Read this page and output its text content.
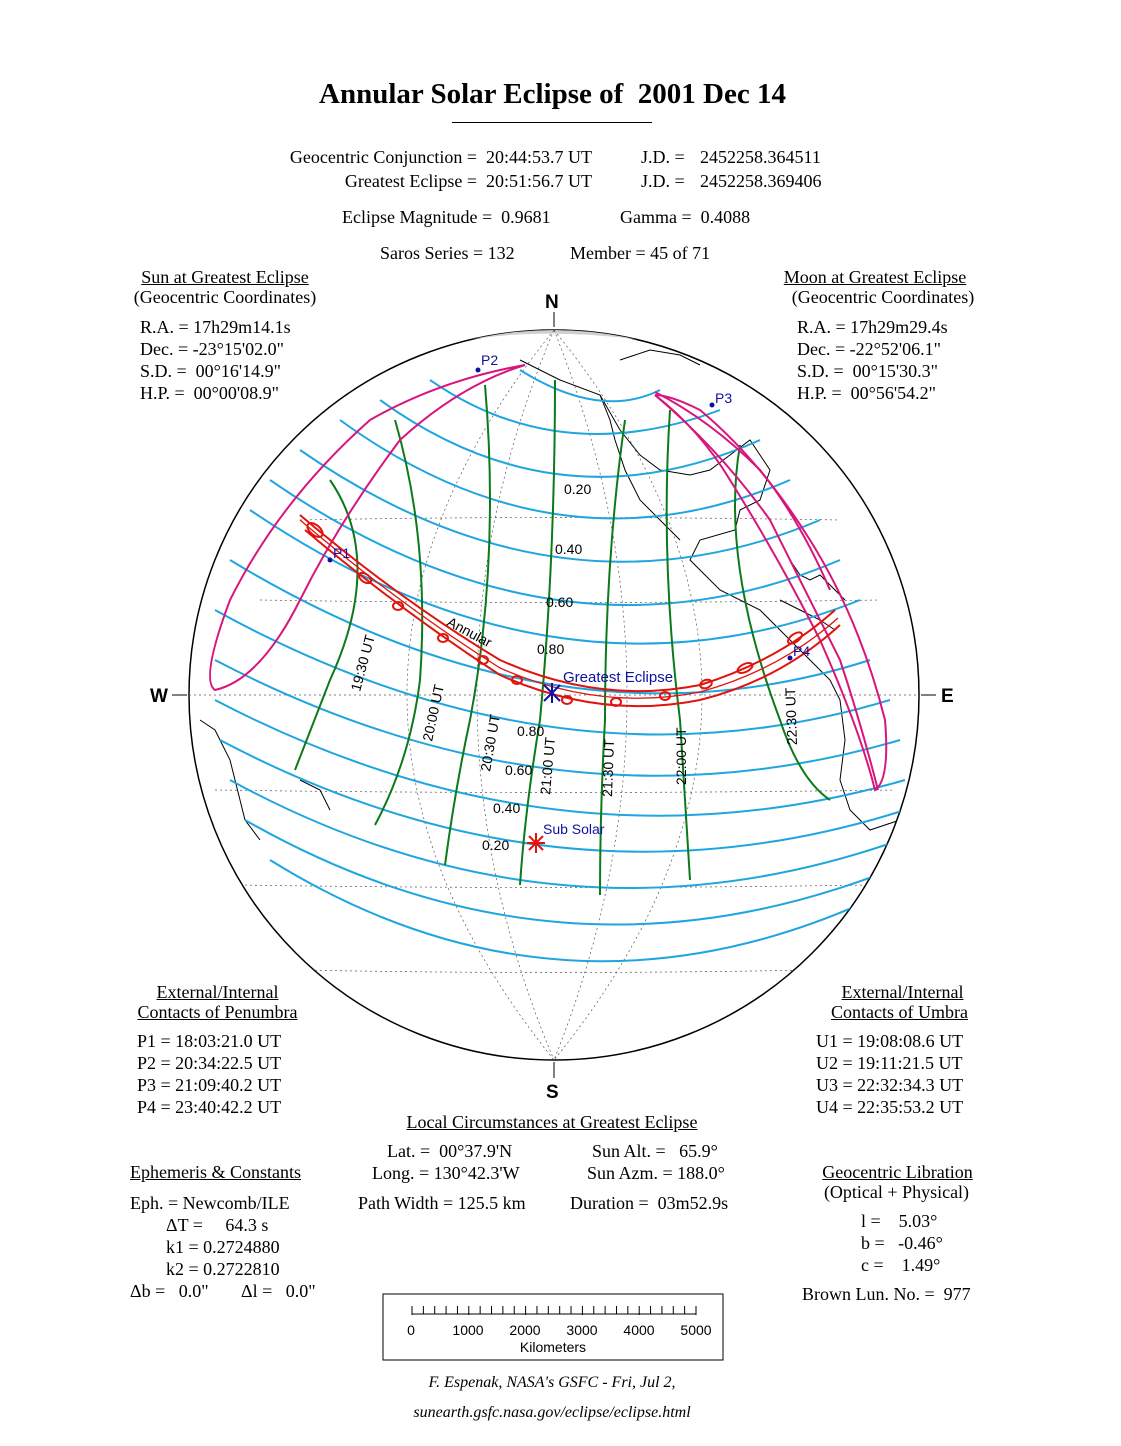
Annular Solar Eclipse of  2001 Dec 14
Geocentric Conjunction = 20:44:53.7 UT	J.D. = 2452258.364511
Greatest Eclipse = 20:51:56.7 UT	J.D. = 2452258.369406
Eclipse Magnitude =  0.9681	Gamma =  0.4088
Saros Series = 132	Member = 45 of 71
Sun at Greatest Eclipse
(Geocentric Coordinates)
R.A. = 17h29m14.1s
Dec. = -23°15'02.0"
S.D. =  00°16'14.9"
H.P. =  00°00'08.9"
Moon at Greatest Eclipse
(Geocentric Coordinates)
R.A. = 17h29m29.4s
Dec. = -22°52'06.1"
S.D. =  00°15'30.3"
H.P. =  00°56'54.2"
P1
P2
P3
P4
Greatest Eclipse
Sub Solar
Annular
0.20
0.40
0.60
0.80
0.80
0.60
0.40
0.20
19:30 UT
20:00 UT
20:30 UT 21:00 UT	21:30 UT	22:00 UT
22:30 UT
N
S
W	E
0	1000 2000 3000 4000 5000
Kilometers
External/Internal
Contacts of Penumbra
P1 = 18:03:21.0 UT
P2 = 20:34:22.5 UT
P3 = 21:09:40.2 UT
P4 = 23:40:42.2 UT
External/Internal
Contacts of Umbra
U1 = 19:08:08.6 UT
U2 = 19:11:21.5 UT
U3 = 22:32:34.3 UT
U4 = 22:35:53.2 UT
Local Circumstances at Greatest Eclipse
Lat. =  00°37.9'N
Long. = 130°42.3'W
Sun Alt. =   65.9°
Sun Azm. = 188.0°
Path Width = 125.5 km Duration =  03m52.9s
Ephemeris & Constants
Eph. = Newcomb/ILE
ΔT =     64.3 s
k1 = 0.2724880
k2 = 0.2722810
Δb =   0.0" Δl =   0.0"
Geocentric Libration
(Optical + Physical)
l =    5.03°
b =   -0.46°
c =    1.49°
Brown Lun. No. =  977
F. Espenak, NASA's GSFC - Fri, Jul 2,
sunearth.gsfc.nasa.gov/eclipse/eclipse.html
